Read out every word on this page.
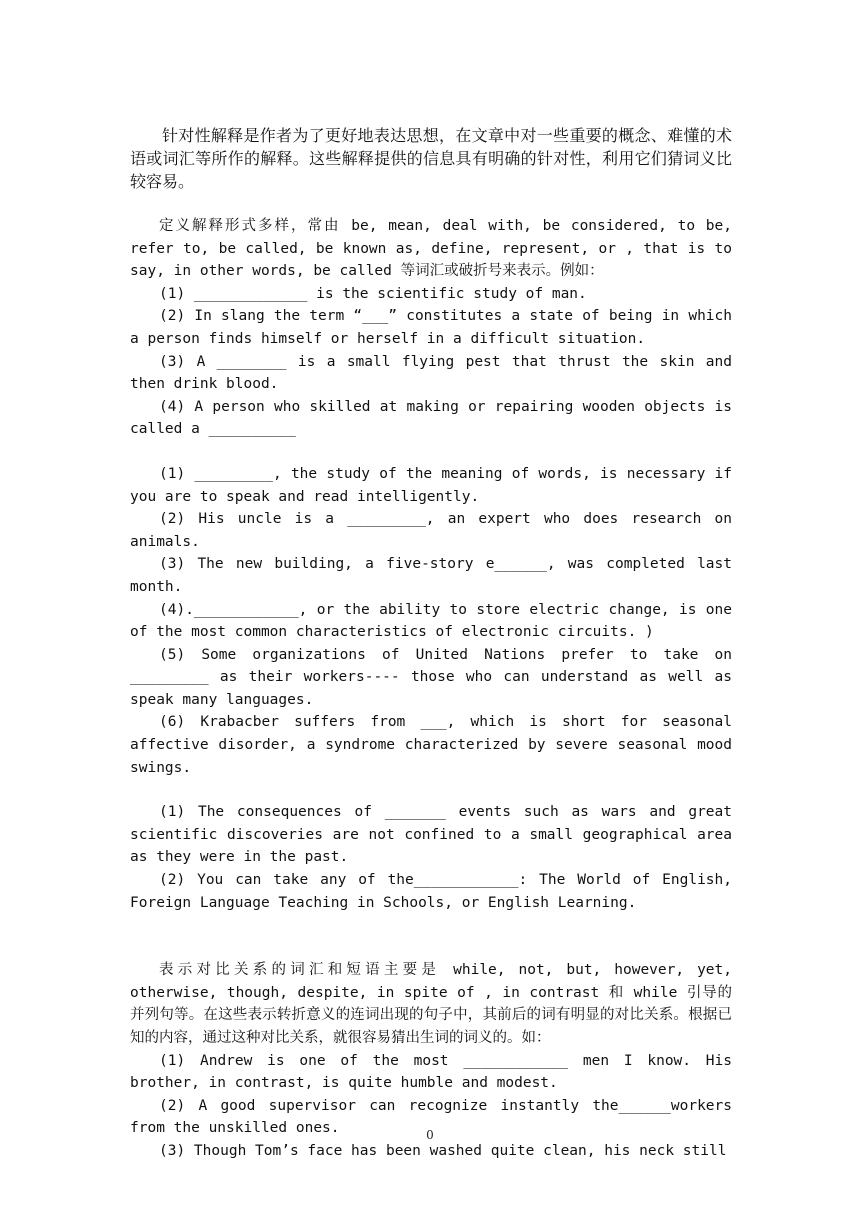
针对性解释是作者为了更好地表达思想，在文章中对一些重要的概念、难懂的术语或词汇等所作的解释。这些解释提供的信息具有明确的针对性，利用它们猜词义比较容易。

定义解释形式多样，常由 be, mean, deal with, be considered, to be, refer to, be called, be known as, define, represent, or , that is to say, in other words, be called 等词汇或破折号来表示。例如：

(1) _____________ is the scientific study of man.

(2) In slang the term “___” constitutes a state of being in which a person finds himself or herself in a difficult situation.

(3) A ________ is a small flying pest that thrust the skin and then drink blood.

(4) A person who skilled at making or repairing wooden objects is called a __________

(1) _________, the study of the meaning of words, is necessary if you are to speak and read intelligently.

(2) His uncle is a _________, an expert who does research on animals.

(3) The new building, a five-story e______, was completed last month.

(4).____________, or the ability to store electric change, is one of the most common characteristics of electronic circuits. )

(5) Some organizations of United Nations prefer to take on _________ as their workers---- those who can understand as well as speak many languages.

(6) Krabacber suffers from ___, which is short for seasonal affective disorder, a syndrome characterized by severe seasonal mood swings.

(1) The consequences of _______ events such as wars and great scientific discoveries are not confined to a small geographical area as they were in the past.

(2) You can take any of the____________: The World of English, Foreign Language Teaching in Schools, or English Learning.

表示对比关系的词汇和短语主要是 while, not, but, however, yet, otherwise, though, despite, in spite of , in contrast 和 while 引导的并列句等。在这些表示转折意义的连词出现的句子中，其前后的词有明显的对比关系。根据已知的内容，通过这种对比关系，就很容易猜出生词的词义的。如：

(1) Andrew is one of the most ____________ men I know. His brother, in contrast, is quite humble and modest.

(2) A good supervisor can recognize instantly the______workers from the unskilled ones.

(3) Though Tom’s face has been washed quite clean, his neck still

0
